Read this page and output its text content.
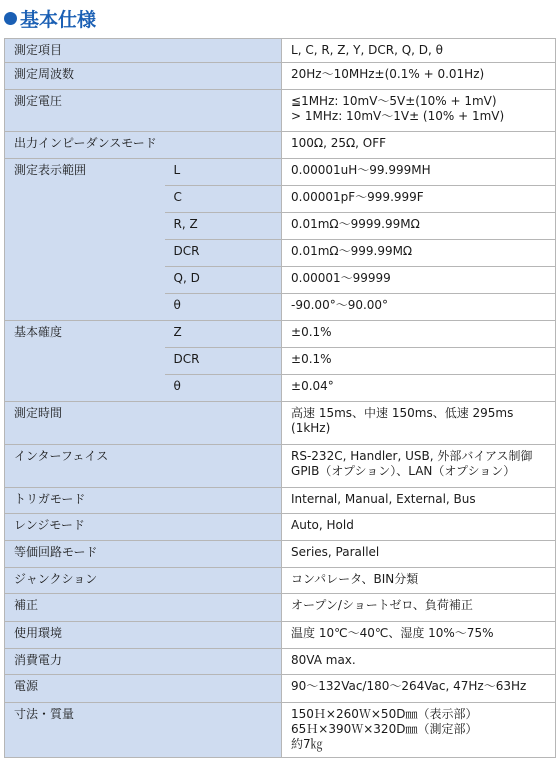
基本仕様
測定項目		L, C, R, Z, Y, DCR, Q, D, θ

測定周波数		20Hz〜10MHz±(0.1% + 0.01Hz)

測定電圧		≦1MHz: 10mV〜5V±(10% + 1mV)
> 1MHz: 10mV〜1V± (10% + 1mV)

出力インピーダンスモード		100Ω, 25Ω, OFF

測定表示範囲	L	0.00001uH〜99.999MH
	C	0.00001pF〜999.999F
	R, Z	0.01mΩ〜9999.99MΩ
	DCR	0.01mΩ〜999.99MΩ
	Q, D	0.00001〜99999
	θ	-90.00°〜90.00°
基本確度	Z	±0.1%
	DCR	±0.1%
	θ	±0.04°
測定時間		高速 15ms、中速 150ms、低速 295ms
(1kHz)

インターフェイス		RS-232C, Handler, USB, 外部バイアス制御
GPIB（オプション）、LAN（オプション）

トリガモード		Internal, Manual, External, Bus

レンジモード		Auto, Hold

等価回路モード		Series, Parallel

ジャンクション		コンパレータ、BIN分類

補正		オープン/ショートゼロ、負荷補正

使用環境		温度 10℃〜40℃、湿度 10%〜75%

消費電力		80VA max.

電源		90〜132Vac/180〜264Vac, 47Hz〜63Hz

寸法・質量		150Ｈ×260Ｗ×50D㎜（表示部）
65Ｈ×390Ｗ×320D㎜（測定部）
約7㎏
